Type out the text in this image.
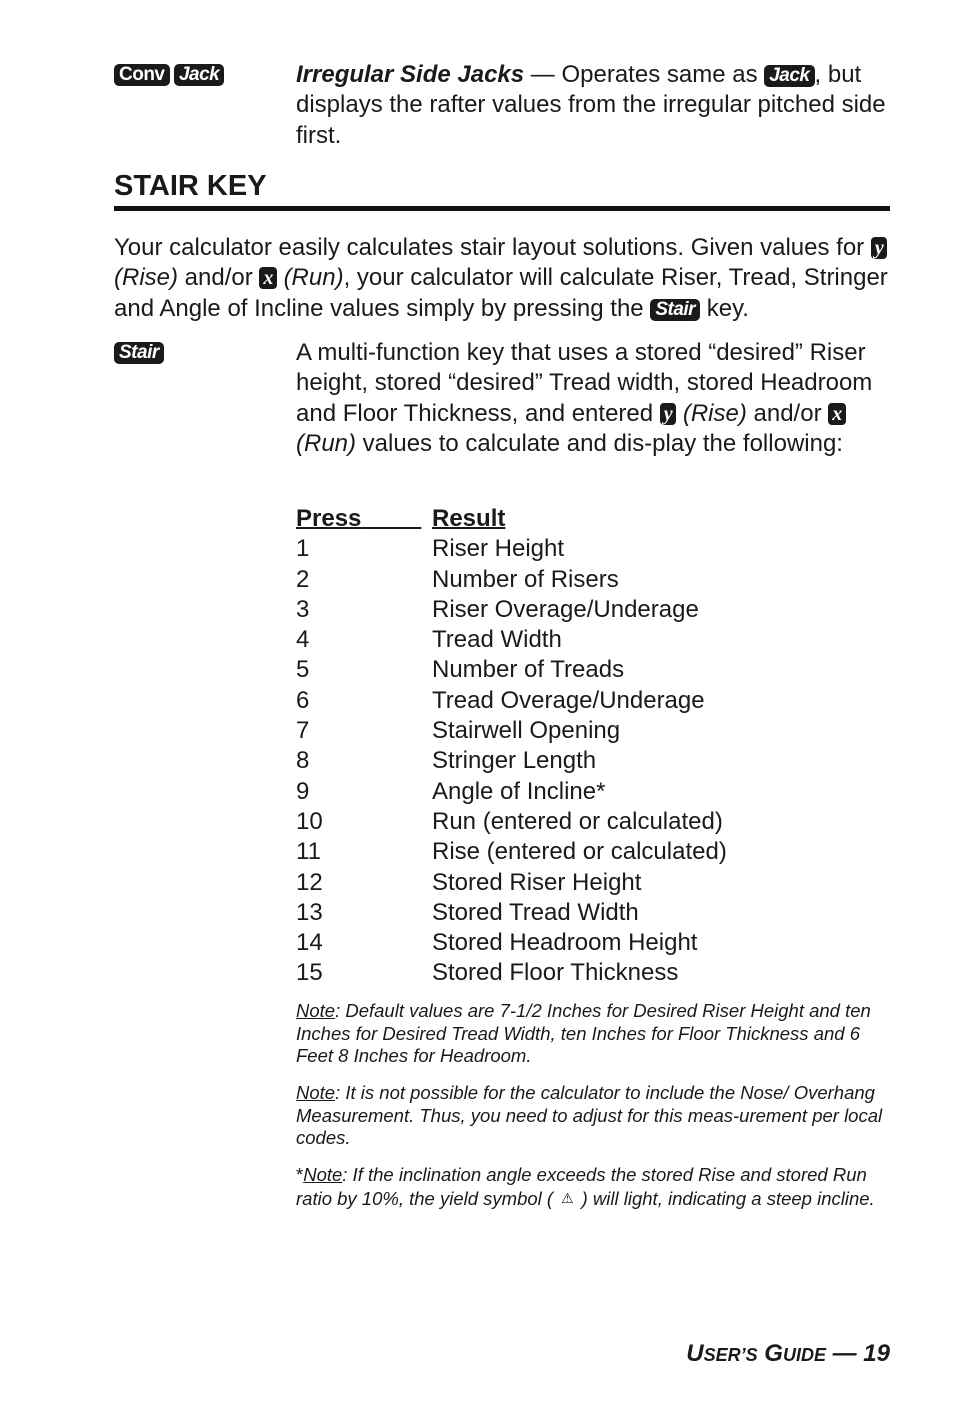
Conv Jack	Irregular Side Jacks — Operates same as Jack , but displays the rafter values from the irregular pitched side first.
STAIR KEY
Your calculator easily calculates stair layout solutions. Given values for y (Rise) and/or x (Run), your calculator will calculate Riser, Tread, Stringer and Angle of Incline values simply by pressing the Stair key.
Stair	A multi-function key that uses a stored “desired” Riser height, stored “desired” Tread width, stored Headroom and Floor Thickness, and entered y (Rise) and/or x (Run) values to calculate and dis-play the following:
Press	Result
1	Riser Height
2	Number of Risers
3	Riser Overage/Underage
4	Tread Width
5	Number of Treads
6	Tread Overage/Underage
7	Stairwell Opening
8	Stringer Length
9	Angle of Incline*
10	Run (entered or calculated)
11	Rise (entered or calculated)
12	Stored Riser Height
13	Stored Tread Width
14	Stored Headroom Height
15	Stored Floor Thickness
Note: Default values are 7-1/2 Inches for Desired Riser Height and ten Inches for Desired Tread Width, ten Inches for Floor Thickness and 6 Feet 8 Inches for Headroom.
Note: It is not possible for the calculator to include the Nose/ Overhang Measurement. Thus, you need to adjust for this meas-urement per local codes.
*Note: If the inclination angle exceeds the stored Rise and stored Run ratio by 10%, the yield symbol ( ⚠ ) will light, indicating a steep incline.
USER’S GUIDE — 19
